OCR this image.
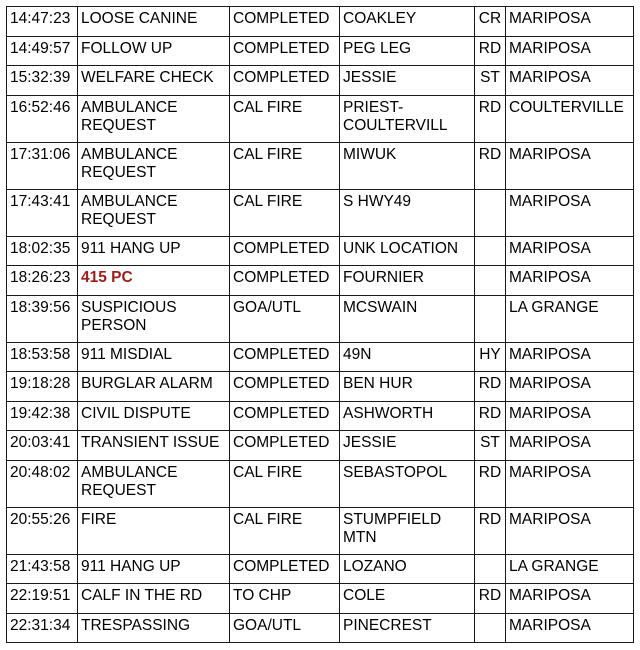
14:47:23	LOOSE CANINE	COMPLETED	COAKLEY	CR	MARIPOSA
14:49:57	FOLLOW UP	COMPLETED	PEG LEG	RD	MARIPOSA
15:32:39	WELFARE CHECK	COMPLETED	JESSIE	ST	MARIPOSA
16:52:46	AMBULANCE REQUEST	CAL FIRE	PRIEST-COULTERVILL	RD	COULTERVILLE
17:31:06	AMBULANCE REQUEST	CAL FIRE	MIWUK	RD	MARIPOSA
17:43:41	AMBULANCE REQUEST	CAL FIRE	S HWY49		MARIPOSA
18:02:35	911 HANG UP	COMPLETED	UNK LOCATION		MARIPOSA
18:26:23	415 PC	COMPLETED	FOURNIER		MARIPOSA
18:39:56	SUSPICIOUS PERSON	GOA/UTL	MCSWAIN		LA GRANGE
18:53:58	911 MISDIAL	COMPLETED	49N	HY	MARIPOSA
19:18:28	BURGLAR ALARM	COMPLETED	BEN HUR	RD	MARIPOSA
19:42:38	CIVIL DISPUTE	COMPLETED	ASHWORTH	RD	MARIPOSA
20:03:41	TRANSIENT ISSUE	COMPLETED	JESSIE	ST	MARIPOSA
20:48:02	AMBULANCE REQUEST	CAL FIRE	SEBASTOPOL	RD	MARIPOSA
20:55:26	FIRE	CAL FIRE	STUMPFIELD MTN	RD	MARIPOSA
21:43:58	911 HANG UP	COMPLETED	LOZANO		LA GRANGE
22:19:51	CALF IN THE RD	TO CHP	COLE	RD	MARIPOSA
22:31:34	TRESPASSING	GOA/UTL	PINECREST		MARIPOSA
